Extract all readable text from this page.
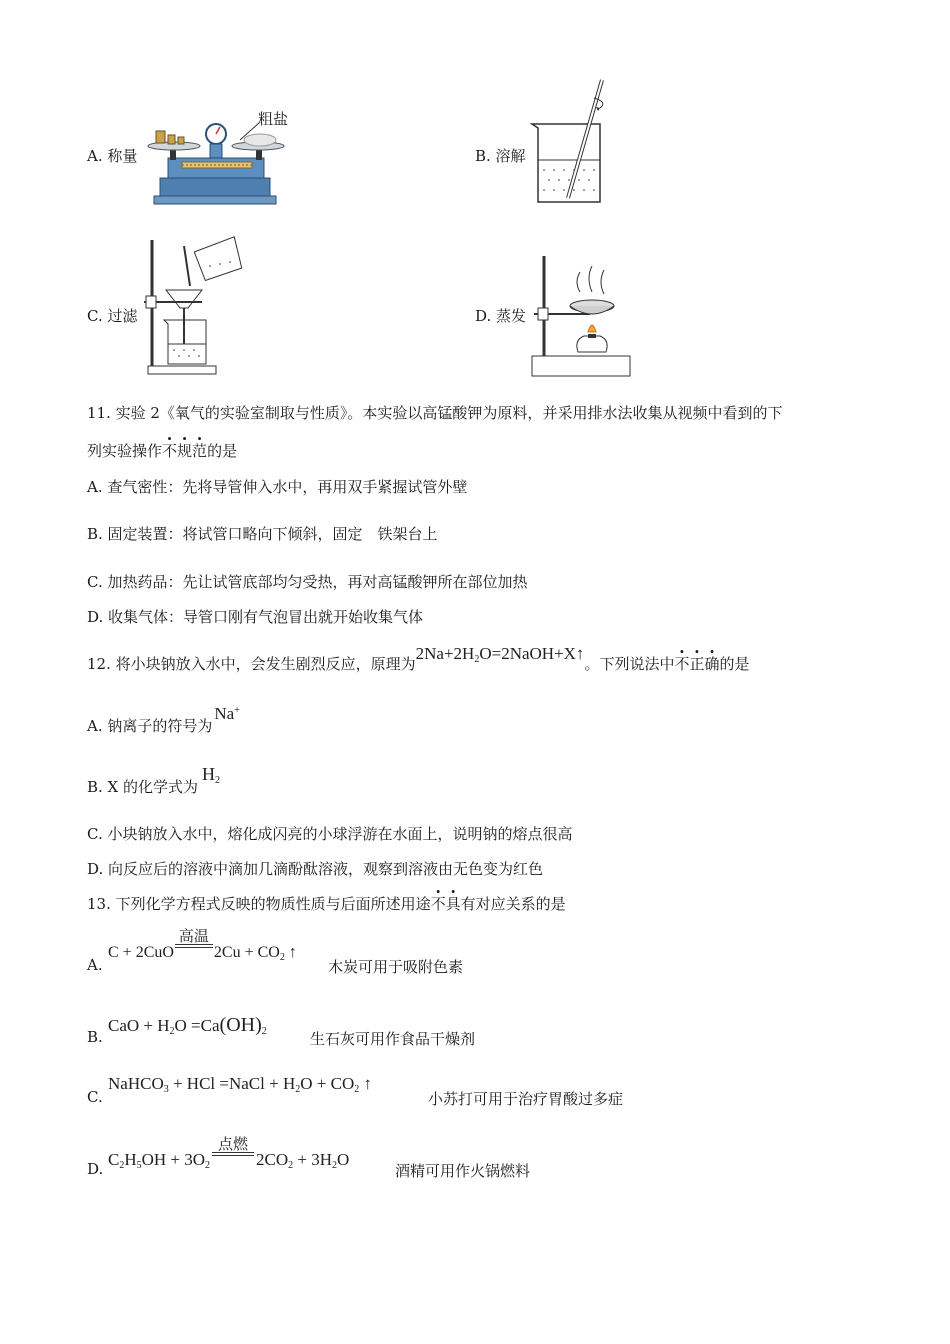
A. 称量
粗盐
B. 溶解
C. 过滤	D. 蒸发
11. 实验 2《氧气的实验室制取与性质》。本实验以高锰酸钾为原料，并采用排水法收集从视频中看到的下
列实验操作不规范的是
A. 查气密性：先将导管伸入水中，再用双手紧握试管外壁
B. 固定装置：将试管口略向下倾斜，固定　铁架台上
C. 加热药品：先让试管底部均匀受热，再对高锰酸钾所在部位加热
D. 收集气体：导管口刚有气泡冒出就开始收集气体
12. 将小块钠放入水中，会发生剧烈反应，原理为$2Na+2H_2O=2NaOH+X↑$。下列说法中不正确的是
A. 钠离子的符号为Na+
B. X 的化学式为$H_2$
C. 小块钠放入水中，熔化成闪亮的小球浮游在水面上，说明钠的熔点很高
D. 向反应后的溶液中滴加几滴酚酞溶液，观察到溶液由无色变为红色
13. 下列化学方程式反映的物质性质与后面所述用途不具有对应关系的是
A.
C + 2CuO
高温
$2Cu + CO_2$ ↑
木炭可用于吸附色素
B.
CaO + $H_2O =Ca(OH)_2$	生石灰可用作食品干燥剂
C.
NaHCO$_3$ + HCl =NaCl + $H_2O + CO_2$ ↑
小苏打可用于治疗胃酸过多症
D. $C_2H_5OH + 3O_2$
点燃
$2CO_2 + 3H_2O$
酒精可用作火锅燃料
